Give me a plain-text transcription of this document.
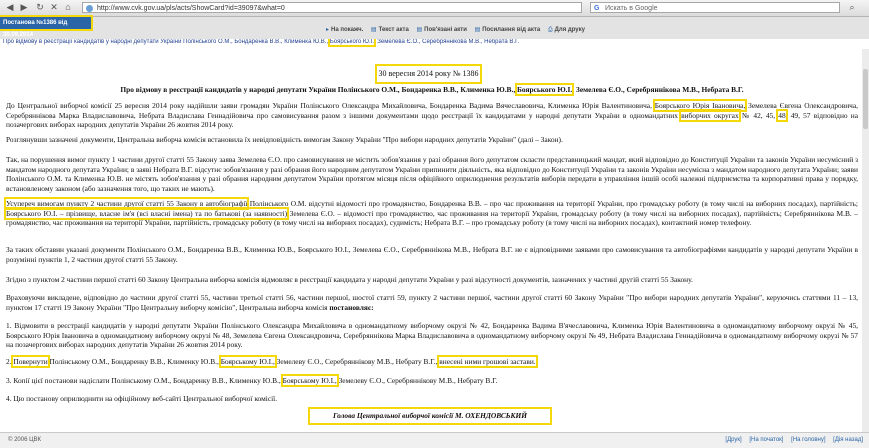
◀ ▶ ↻ ✕ ⌂	http://www.cvk.gov.ua/pls/acts/ShowCard?id=39097&what=0	G Искать в Google	⌕
Постанова №1386 від 30.09.2014
▸ На покажч. ▤ Текст акта ▤ Пов'язані акти ▤ Посилання від акта ⎙ Для друку
Про відмову в реєстрації кандидатів у народні депутати України Полінського О.М., Бондаренка В.В., Клименка Ю.В., Боярського Ю.І., Земелева Є.О., Серебряннікова М.В., Небрата В.Г.
30 вересня 2014 року № 1386

Про відмову в реєстрації кандидатів у народні депутати України Полінського О.М., Бондаренка В.В., Клименка Ю.В., Боярського Ю.І., Земелева Є.О., Серебряннікова М.В., Небрата В.Г.

До Центральної виборчої комісії 25 вересня 2014 року надійшли заяви громадян України Полінського Олександра Михайловича, Бондаренка Вадима Вячеславовича, Клименка Юрія Валентиновича, Боярського Юрія Івановича, Земелева Євгена Олександровича, Серебряннікова Марка Владиславовича, Небрата Владислава Геннадійовича про самовисування разом з іншими документами щодо реєстрації їх кандидатами у народні депутати України в одномандатних виборчих округах № 42, 45, 48, 49, 57 відповідно на позачергових виборах народних депутатів України 26 жовтня 2014 року.

Розглянувши зазначені документи, Центральна виборча комісія встановила їх невідповідність вимогам Закону України "Про вибори народних депутатів України" (далі – Закон).

Так, на порушення вимог пункту 1 частини другої статті 55 Закону заява Земелева Є.О. про самовисування не містить зобов'язання у разі обрання його депутатом скласти представницький мандат, який відповідно до Конституції України та законів України несумісний з мандатом народного депутата України; в заяві Небрата В.Г. відсутнє зобов'язання у разі обрання його народним депутатом України припинити діяльність, яка відповідно до Конституції України та законів України несумісна з мандатом народного депутата України; заяви Полінського О.М. та Клименка Ю.В. не містять зобов'язання у разі обрання народним депутатом України протягом місяця після офіційного оприлюднення результатів виборів передати в управління іншій особі належні підприємства та корпоративні права у порядку, встановленому законом (або зазначення того, що таких не мають).

Усупереч вимогам пункту 2 частини другої статті 55 Закону в автобіографії Полінського О.М. відсутні відомості про громадянство, Бондаренка В.В. – про час проживання на території України, про громадську роботу (в тому числі на виборних посадах), партійність; Боярського Ю.І. – прізвище, власне ім'я (всі власні імена) та по батькові (за наявності) Земелева Є.О. – відомості про громадянство, час проживання на території України, громадську роботу (в тому числі на виборних посадах), партійність; Серебряннікова М.В. – громадянство, час проживання на території України, партійність, громадську роботу (в тому числі на виборних посадах), судимість; Небрата В.Г. – про громадську роботу (в тому числі на виборних посадах), контактний номер телефону.

За таких обставин указані документи Полінського О.М., Бондаренка В.В., Клименка Ю.В., Боярського Ю.І., Земелева Є.О., Серебряннікова М.В., Небрата В.Г. не є відповідними заявами про самовисування та автобіографіями кандидатів у народні депутати України в розумінні пунктів 1, 2 частини другої статті 55 Закону.

Згідно з пунктом 2 частини першої статті 60 Закону Центральна виборча комісія відмовляє в реєстрації кандидата у народні депутати України у разі відсутності документів, зазначених у частині другій статті 55 Закону.

Враховуючи викладене, відповідно до частини другої статті 55, частини третьої статті 56, частини першої, шостої статті 59, пункту 2 частини першої, частини другої статті 60 Закону України "Про вибори народних депутатів України", керуючись статтями 11 – 13, пунктом 17 статті 19 Закону України "Про Центральну виборчу комісію", Центральна виборча комісія постановляє:

1. Відмовити в реєстрації кандидатів у народні депутати України Полінського Олександра Михайловича в одномандатному виборчому окрузі № 42, Бондаренка Вадима В'ячеславовича, Клименка Юрія Валентиновича в одномандатному виборчому окрузі № 45, Боярського Юрія Івановича в одномандатному виборчому окрузі № 48, Земелева Євгена Олександровича, Серебряннікова Марка Владиславовича в одномандатному виборчому окрузі № 49, Небрата Владислава Геннадійовича в одномандатному виборчому окрузі № 57 на позачергових виборах народних депутатів України 26 жовтня 2014 року.

2. Повернути Полінському О.М., Бондаренку В.В., Клименку Ю.В., Боярському Ю.І., Земелеву Є.О., Серебряннікову М.В., Небрату В.Г., внесені ними грошові застави.

3. Копії цієї постанови надіслати Полінському О.М., Бондаренку В.В., Клименку Ю.В., Боярському Ю.І., Земелеву Є.О., Серебряннікову М.В., Небрату В.Г.

4. Цю постанову оприлюднити на офіційному веб-сайті Центральної виборчої комісії.

Голова Центральної виборчої комісії М. ОХЕНДОВСЬКИЙ
© 2006 ЦВК	[Друк] [На початок] [На головну] [Дiя назад]
